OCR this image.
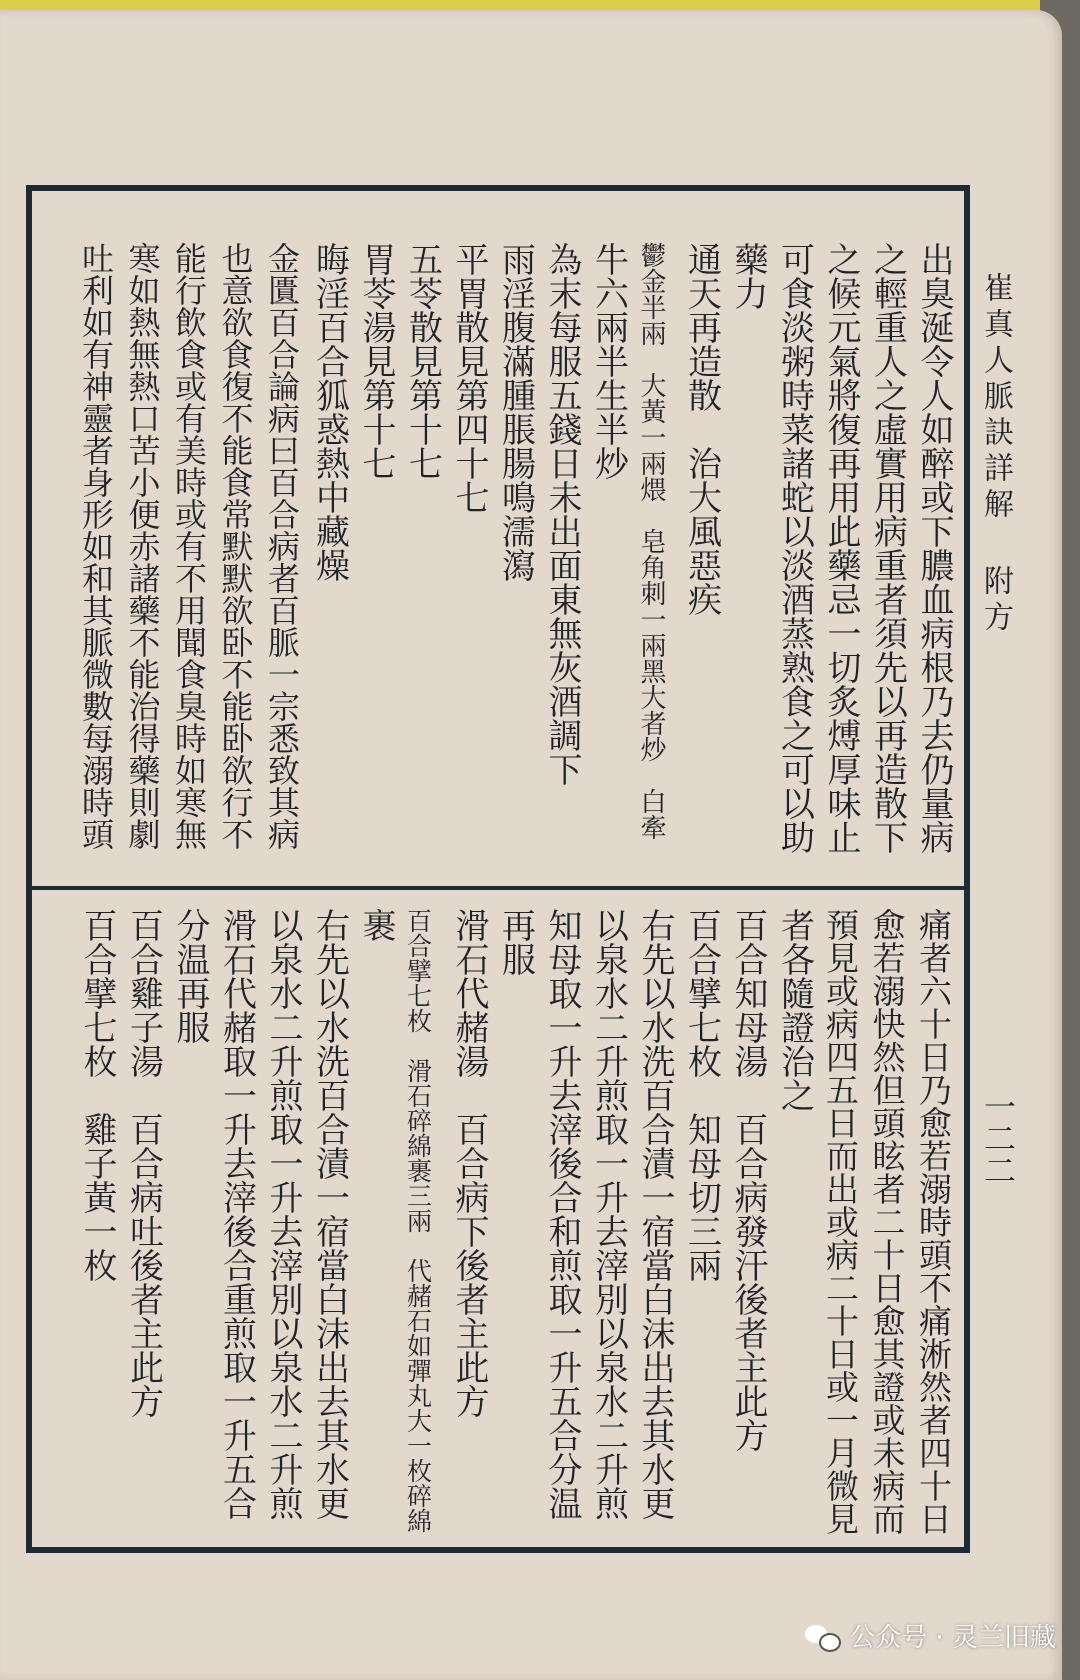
崔真人脈訣詳解 附方
一二二
出臭涎令人如醉或下膿血病根乃去仍量病
之輕重人之虛實用病重者須先以再造散下
之候元氣將復再用此藥忌一切炙煿厚味止
可食淡粥時菜諸蛇以淡酒蒸熟食之可以助
藥力
通天再造散　治大風惡疾
鬱金半兩　大黃一兩煨　皂角刺一兩黑大者炒　白牽
牛六兩半生半炒
為末每服五錢日未出面東無灰酒調下
雨淫腹滿腫脹腸鳴濡瀉
平胃散見第四十七
五苓散見第十七
胃苓湯見第十七
晦淫百合狐惑熱中藏燥
金匱百合論病曰百合病者百脈一宗悉致其病
也意欲食復不能食常默默欲卧不能卧欲行不
能行飲食或有美時或有不用聞食臭時如寒無
寒如熱無熱口苦小便赤諸藥不能治得藥則劇
吐利如有神靈者身形如和其脈微數每溺時頭
痛者六十日乃愈若溺時頭不痛淅然者四十日
愈若溺快然但頭眩者二十日愈其證或未病而
預見或病四五日而出或病二十日或一月微見
者各隨證治之
百合知母湯　百合病發汗後者主此方
百合擘七枚　知母切三兩
右先以水洗百合漬一宿當白沫出去其水更
以泉水二升煎取一升去滓別以泉水二升煎
知母取一升去滓後合和煎取一升五合分温
再服
滑石代赭湯　百合病下後者主此方
百合擘七枚　滑石碎綿裹三兩　代赭石如彈丸大一枚碎綿
裹
右先以水洗百合漬一宿當白沫出去其水更
以泉水二升煎取一升去滓別以泉水二升煎
滑石代赭取一升去滓後合重煎取一升五合
分温再服
百合雞子湯　百合病吐後者主此方
百合擘七枚　雞子黃一枚
公众号 · 灵兰旧藏
